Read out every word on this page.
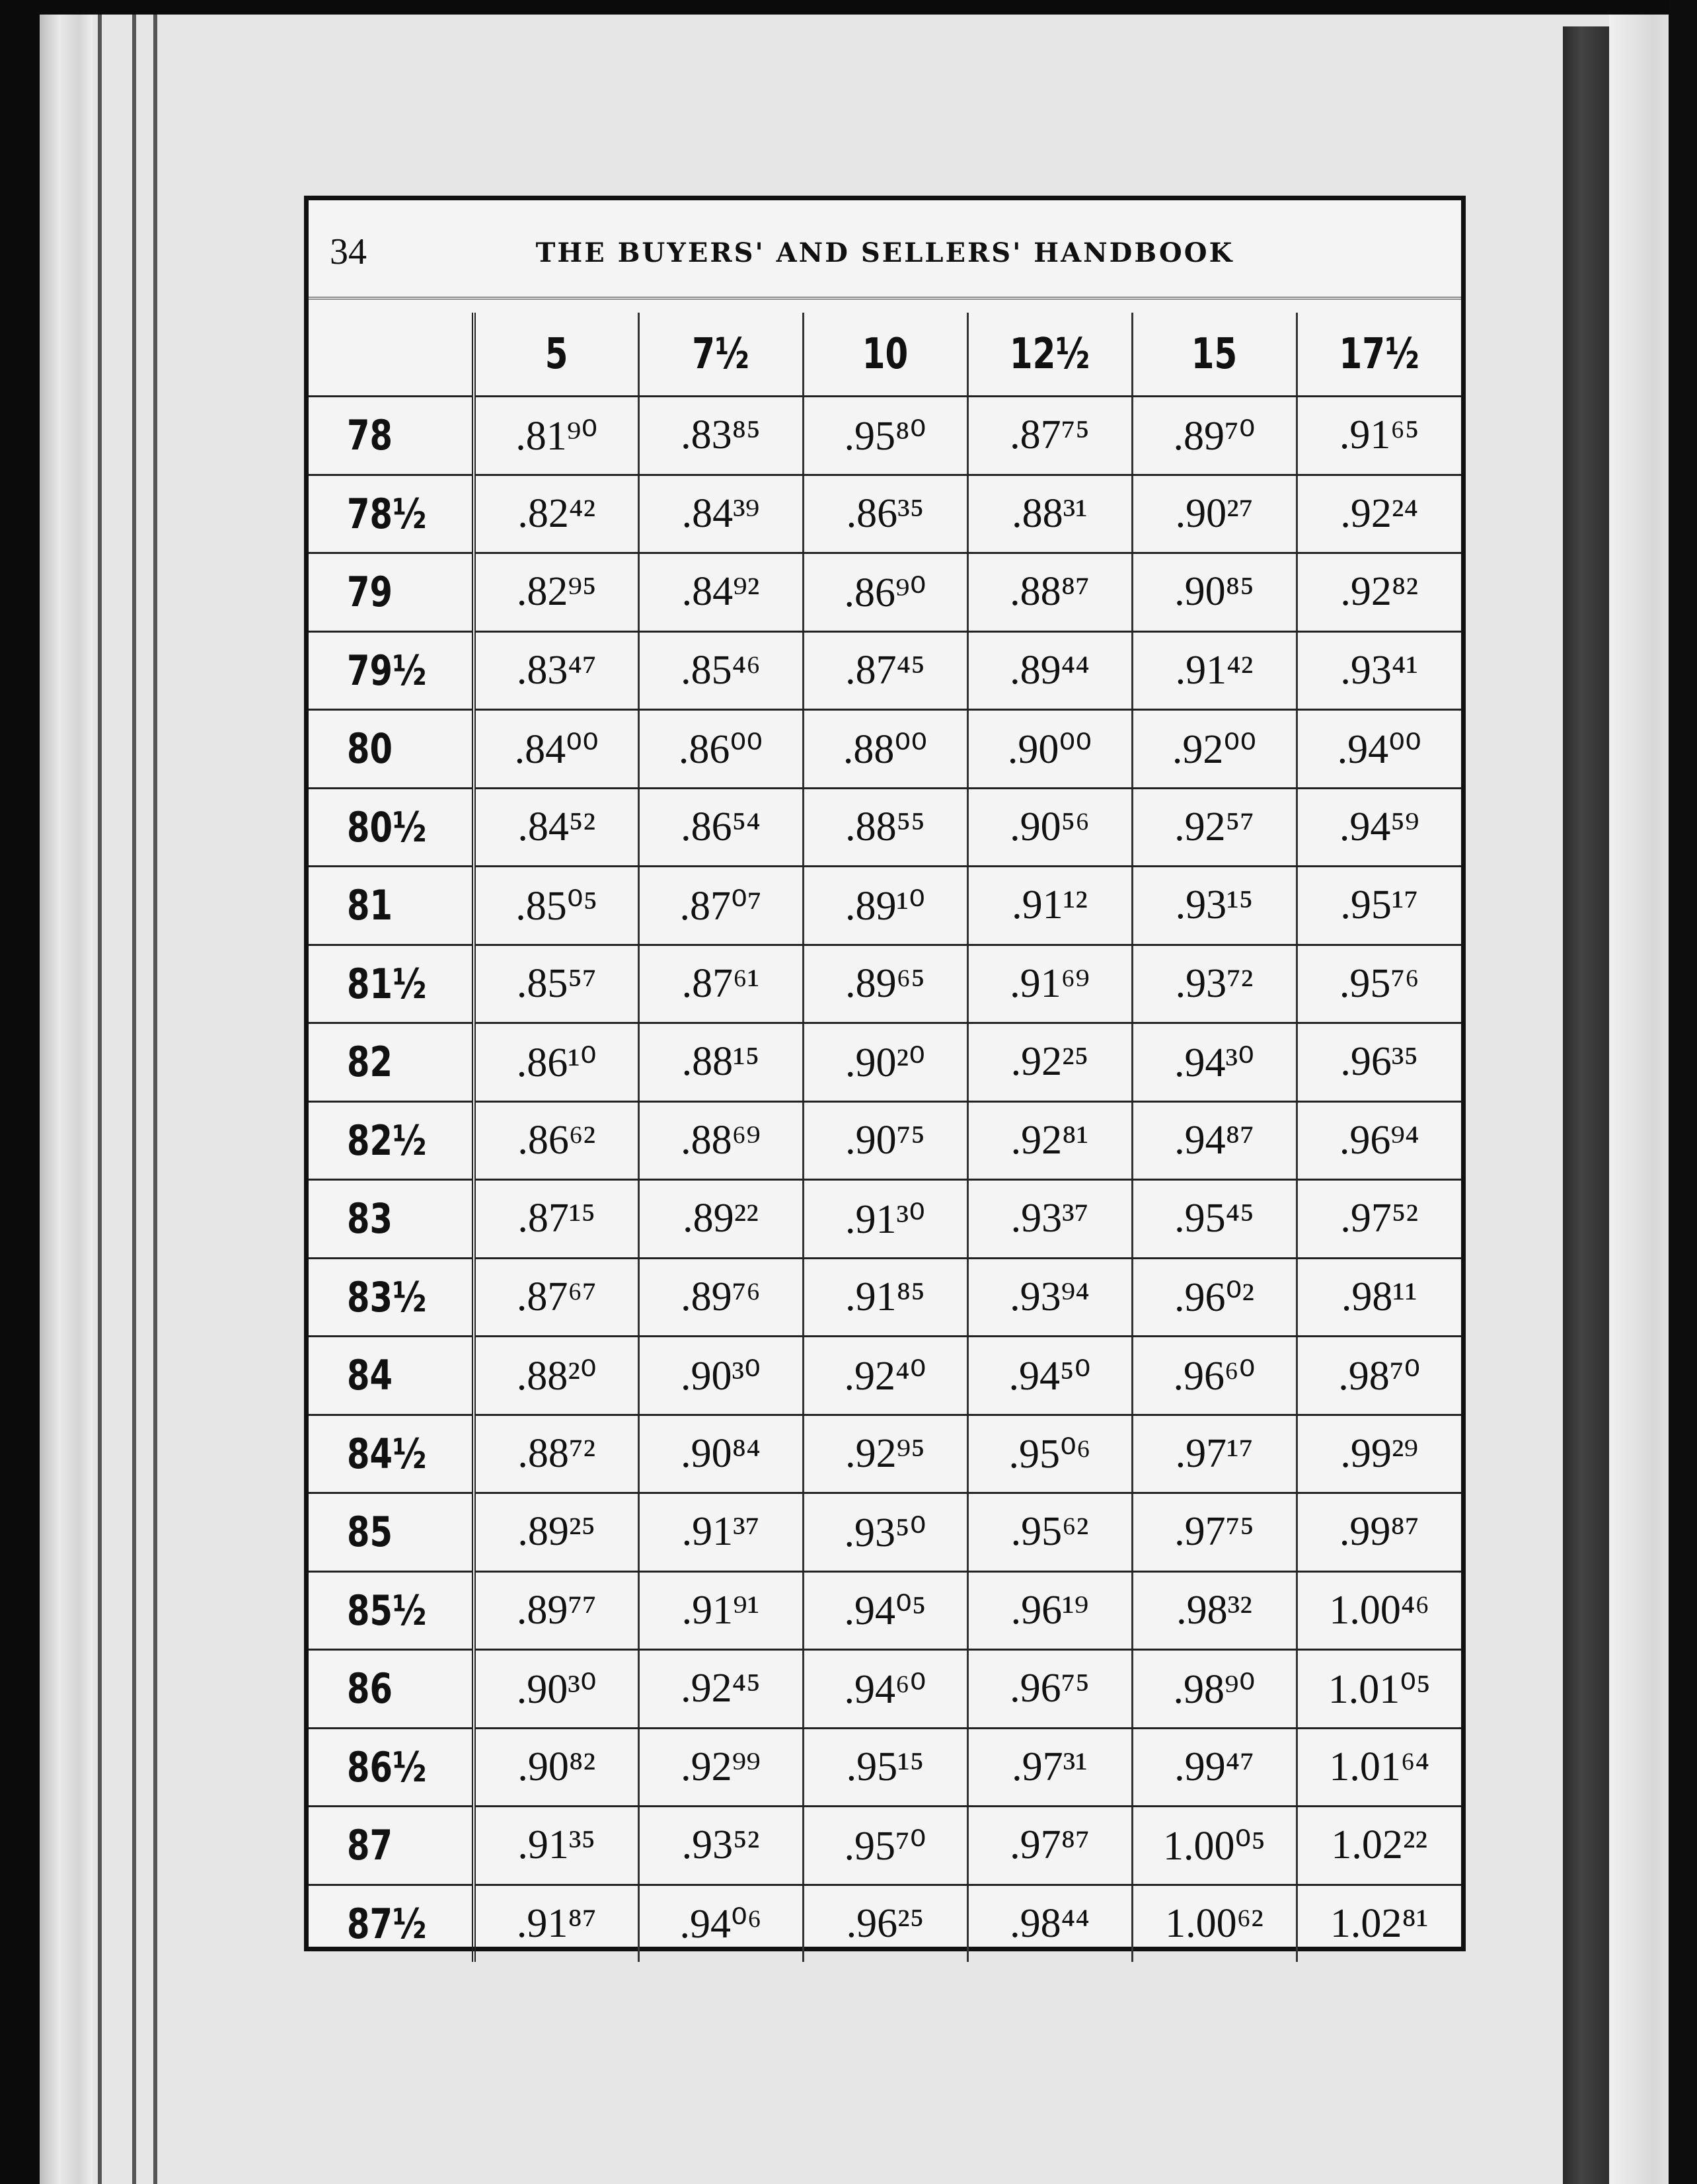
34	THE BUYERS' AND SELLERS' HANDBOOK
	5	7½	10	12½	15	17½
78	.81⁹⁰	.83⁸⁵	.95⁸⁰	.87⁷⁵	.89⁷⁰	.91⁶⁵
78½	.82⁴²	.84³⁹	.86³⁵	.88³¹	.90²⁷	.92²⁴
79	.82⁹⁵	.84⁹²	.86⁹⁰	.88⁸⁷	.90⁸⁵	.92⁸²
79½	.83⁴⁷	.85⁴⁶	.87⁴⁵	.89⁴⁴	.91⁴²	.93⁴¹
80	.84⁰⁰	.86⁰⁰	.88⁰⁰	.90⁰⁰	.92⁰⁰	.94⁰⁰
80½	.84⁵²	.86⁵⁴	.88⁵⁵	.90⁵⁶	.92⁵⁷	.94⁵⁹
81	.85⁰⁵	.87⁰⁷	.89¹⁰	.91¹²	.93¹⁵	.95¹⁷
81½	.85⁵⁷	.87⁶¹	.89⁶⁵	.91⁶⁹	.93⁷²	.95⁷⁶
82	.86¹⁰	.88¹⁵	.90²⁰	.92²⁵	.94³⁰	.96³⁵
82½	.86⁶²	.88⁶⁹	.90⁷⁵	.92⁸¹	.94⁸⁷	.96⁹⁴
83	.87¹⁵	.89²²	.91³⁰	.93³⁷	.95⁴⁵	.97⁵²
83½	.87⁶⁷	.89⁷⁶	.91⁸⁵	.93⁹⁴	.96⁰²	.98¹¹
84	.88²⁰	.90³⁰	.92⁴⁰	.94⁵⁰	.96⁶⁰	.98⁷⁰
84½	.88⁷²	.90⁸⁴	.92⁹⁵	.95⁰⁶	.97¹⁷	.99²⁹
85	.89²⁵	.91³⁷	.93⁵⁰	.95⁶²	.97⁷⁵	.99⁸⁷
85½	.89⁷⁷	.91⁹¹	.94⁰⁵	.96¹⁹	.98³²	1.00⁴⁶
86	.90³⁰	.92⁴⁵	.94⁶⁰	.96⁷⁵	.98⁹⁰	1.01⁰⁵
86½	.90⁸²	.92⁹⁹	.95¹⁵	.97³¹	.99⁴⁷	1.01⁶⁴
87	.91³⁵	.93⁵²	.95⁷⁰	.97⁸⁷	1.00⁰⁵	1.02²²
87½	.91⁸⁷	.94⁰⁶	.96²⁵	.98⁴⁴	1.00⁶²	1.02⁸¹
